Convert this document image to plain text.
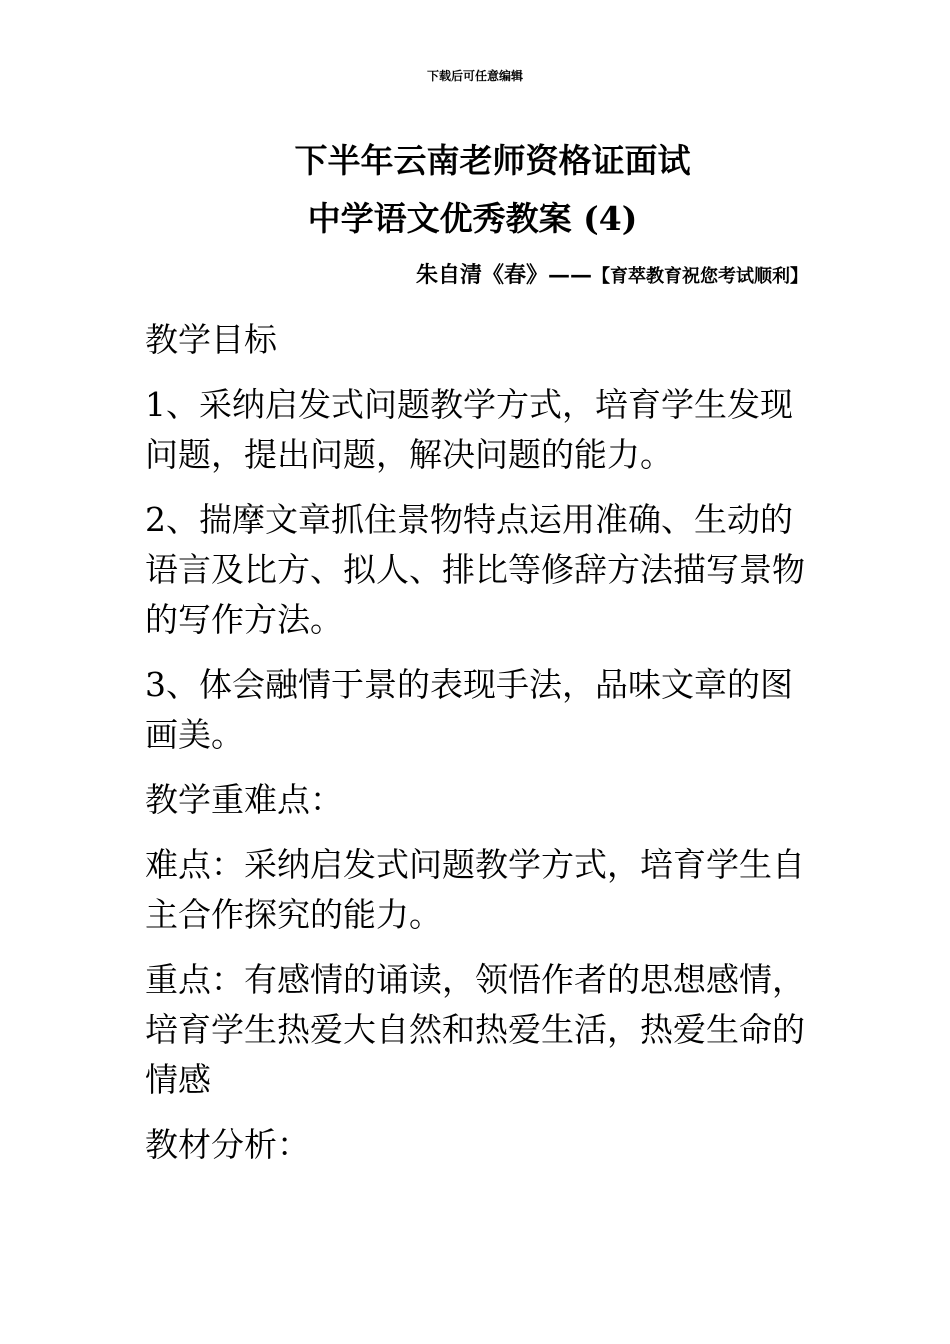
下载后可任意编辑
下半年云南老师资格证面试
中学语文优秀教案 (4)
朱自清《春》——【育萃教育祝您考试顺利】

教学目标

1、采纳启发式问题教学方式，培育学生发现问题，提出问题，解决问题的能力。

2、揣摩文章抓住景物特点运用准确、生动的语言及比方、拟人、排比等修辞方法描写景物的写作方法。

3、体会融情于景的表现手法，品味文章的图画美。

教学重难点：

难点：采纳启发式问题教学方式，培育学生自主合作探究的能力。

重点：有感情的诵读，领悟作者的思想感情，培育学生热爱大自然和热爱生活，热爱生命的情感

教材分析：
